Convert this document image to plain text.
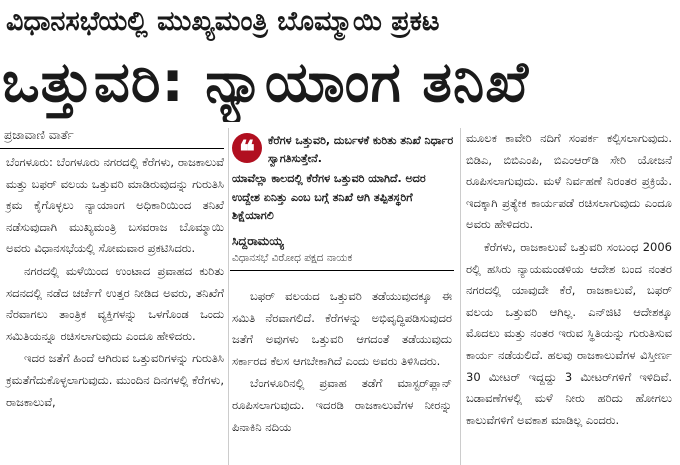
ವಿಧಾನಸಭೆಯಲ್ಲಿ ಮುಖ್ಯಮಂತ್ರಿ ಬೊಮ್ಮಾಯಿ ಪ್ರಕಟ
ಒತ್ತುವರಿ: ನ್ಯಾಯಾಂಗ ತನಿಖೆ
ಪ್ರಜಾವಾಣಿ ವಾರ್ತೆ

ಬೆಂಗಳೂರು: ಬೆಂಗಳೂರು ನಗರದಲ್ಲಿ ಕೆರೆಗಳು, ರಾಜಕಾಲುವೆ ಮತ್ತು ಬಫರ್ ವಲಯ ಒತ್ತುವರಿ ಮಾಡಿರುವುದನ್ನು ಗುರುತಿಸಿ ಕ್ರಮ ಕೈಗೊಳ್ಳಲು ನ್ಯಾಯಾಂಗ ಅಧಿಕಾರಿಯಿಂದ ತನಿಖೆ ನಡೆಸುವುದಾಗಿ ಮುಖ್ಯಮಂತ್ರಿ ಬಸವರಾಜ ಬೊಮ್ಮಾಯಿ ಅವರು ವಿಧಾನಸಭೆಯಲ್ಲಿ ಸೋಮವಾರ ಪ್ರಕಟಿಸಿದರು.

ನಗರದಲ್ಲಿ ಮಳೆಯಿಂದ ಉಂಟಾದ ಪ್ರವಾಹದ ಕುರಿತು ಸದನದಲ್ಲಿ ನಡೆದ ಚರ್ಚೆಗೆ ಉತ್ತರ ನೀಡಿದ ಅವರು, ತನಿಖೆಗೆ ನೆರವಾಗಲು ತಾಂತ್ರಿಕ ವ್ಯಕ್ತಿಗಳನ್ನು ಒಳಗೊಂಡ ಒಂದು ಸಮಿತಿಯನ್ನೂ ರಚಿಸಲಾಗುವುದು ಎಂದೂ ಹೇಳಿದರು.

ಇದರ ಜತೆಗೆ ಹಿಂದೆ ಆಗಿರುವ ಒತ್ತುವರಿಗಳನ್ನು ಗುರುತಿಸಿ ಕ್ರಮತೆಗೆದುಕೊಳ್ಳಲಾಗುವುದು. ಮುಂದಿನ ದಿನಗಳಲ್ಲಿ ಕೆರೆಗಳು, ರಾಜಕಾಲುವೆ,

❝	ಕೆರೆಗಳ ಒತ್ತುವರಿ, ದುರ್ಬಳಕೆ ಕುರಿತು ತನಿಖೆ ನಿರ್ಧಾರ ಸ್ವಾಗತಿಸುತ್ತೇನೆ.
ಯಾವೆಲ್ಲಾ ಕಾಲದಲ್ಲಿ ಕೆರೆಗಳ ಒತ್ತುವರಿ ಯಾಗಿದೆ. ಅದರ ಉದ್ದೇಶ ಏನಿತ್ತು ಎಂಬ ಬಗ್ಗೆ ತನಿಖೆ ಆಗಿ ತಪ್ಪಿತಸ್ಥರಿಗೆ ಶಿಕ್ಷೆಯಾಗಲಿ
ಸಿದ್ದರಾಮಯ್ಯ
ವಿಧಾನಸಭೆ ವಿರೋಧ ಪಕ್ಷದ ನಾಯಕ

ಬಫರ್ ವಲಯದ ಒತ್ತುವರಿ ತಡೆಯುವುದಕ್ಕೂ ಈ ಸಮಿತಿ ನೆರವಾಗಲಿದೆ. ಕೆರೆಗಳನ್ನು ಅಭಿವೃದ್ಧಿಪಡಿಸುವುದರ ಜತೆಗೆ ಅವುಗಳು ಒತ್ತುವರಿ ಆಗದಂತೆ ತಡೆಯುವುದು ಸರ್ಕಾರದ ಕೆಲಸ ಆಗಬೇಕಾಗಿದೆ ಎಂದು ಅವರು ತಿಳಿಸಿದರು.

ಬೆಂಗಳೂರಿನಲ್ಲಿ ಪ್ರವಾಹ ತಡೆಗೆ ಮಾಸ್ಟರ್‌ಪ್ಲಾನ್ ರೂಪಿಸಲಾಗುವುದು. ಇದರಡಿ ರಾಜಕಾಲುವೆಗಳ ನೀರನ್ನು ಪಿನಾಕಿನಿ ನದಿಯ

ಮೂಲಕ ಕಾವೇರಿ ನದಿಗೆ ಸಂಪರ್ಕ ಕಲ್ಪಿಸಲಾಗುವುದು. ಬಿಡಿಎ, ಬಿಬಿಎಂಪಿ, ಬಿಎಂಆರ್‌ಡಿ ಸೇರಿ ಯೋಜನೆ ರೂಪಿಸಲಾಗುವುದು. ಮಳೆ ನಿರ್ವಹಣೆ ನಿರಂತರ ಪ್ರಕ್ರಿಯೆ. ಇದಕ್ಕಾಗಿ ಪ್ರತ್ಯೇಕ ಕಾರ್ಯಪಡೆ ರಚಿಸಲಾಗುವುದು ಎಂದೂ ಅವರು ಹೇಳಿದರು.

ಕೆರೆಗಳು, ರಾಜಕಾಲುವೆ ಒತ್ತುವರಿ ಸಂಬಂಧ 2006 ರಲ್ಲಿ ಹಸಿರು ನ್ಯಾಯಮಂಡಳಿಯ ಆದೇಶ ಬಂದ ನಂತರ ನಗರದಲ್ಲಿ ಯಾವುದೇ ಕೆರೆ, ರಾಜಕಾಲುವೆ, ಬಫರ್ ವಲಯ ಒತ್ತುವರಿ ಆಗಿಲ್ಲ. ಎನ್‌ಜಿಟಿ ಆದೇಶಕ್ಕೂ ಮೊದಲು ಮತ್ತು ನಂತರ ಇರುವ ಸ್ಥಿತಿಯನ್ನು ಗುರುತಿಸುವ ಕಾರ್ಯ ನಡೆಯಲಿದೆ. ಹಲವು ರಾಜಕಾಲುವೆಗಳ ವಿಸ್ತೀರ್ಣ 30 ಮೀಟರ್ ಇದ್ದದ್ದು 3 ಮೀಟರ್‌ಗಳಿಗೆ ಇಳಿದಿವೆ. ಬಡಾವಣೆಗಳಲ್ಲಿ ಮಳೆ ನೀರು ಹರಿದು ಹೋಗಲು ಕಾಲುವೆಗಳಿಗೆ ಅವಕಾಶ ಮಾಡಿಲ್ಲ ಎಂದರು.
